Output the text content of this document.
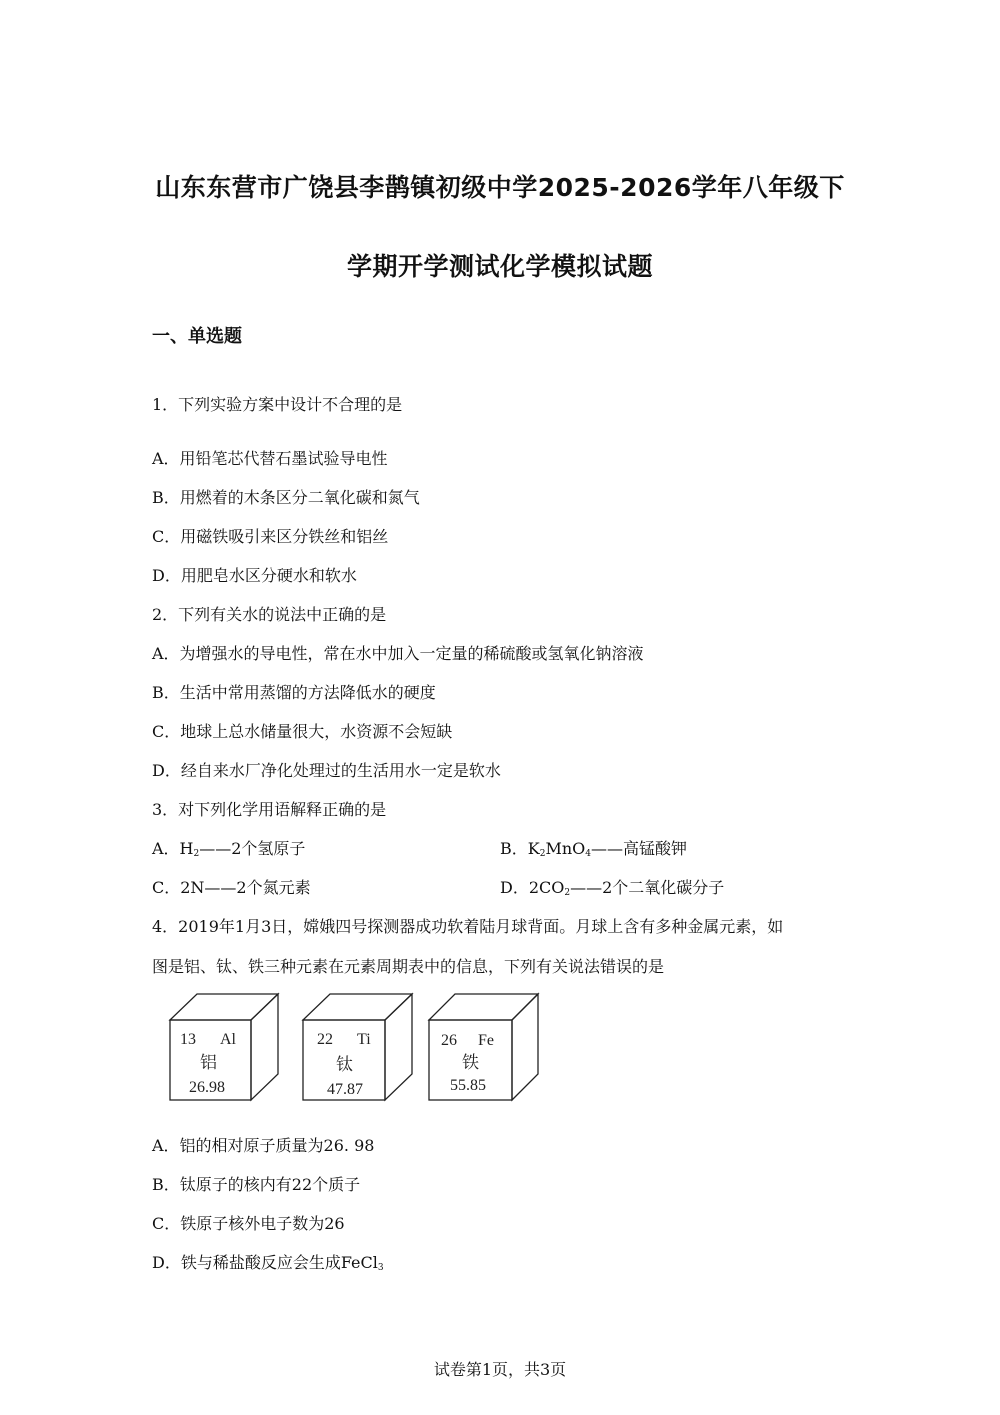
山东东营市广饶县李鹊镇初级中学2025-2026学年八年级下
学期开学测试化学模拟试题
一、单选题
1．下列实验方案中设计不合理的是
A．用铅笔芯代替石墨试验导电性
B．用燃着的木条区分二氧化碳和氮气
C．用磁铁吸引来区分铁丝和铝丝
D．用肥皂水区分硬水和软水
2．下列有关水的说法中正确的是
A．为增强水的导电性，常在水中加入一定量的稀硫酸或氢氧化钠溶液
B．生活中常用蒸馏的方法降低水的硬度
C．地球上总水储量很大，水资源不会短缺
D．经自来水厂净化处理过的生活用水一定是软水
3．对下列化学用语解释正确的是
A．$H_2——2$个氢原子	B．$K_2MnO_4——$高锰酸钾
C．2N——2个氮元素	D．$2CO_2——2$个二氧化碳分子
4．2019年1月3日，嫦娥四号探测器成功软着陆月球背面。月球上含有多种金属元素，如
图是铝、钛、铁三种元素在元素周期表中的信息，下列有关说法错误的是
13 Al
铝
26.98
22 Ti
钛
47.87
26 Fe
铁
55.85
A．铝的相对原子质量为26. 98
B．钛原子的核内有22个质子
C．铁原子核外电子数为26
D．铁与稀盐酸反应会生成FeCl$_3$
试卷第1页，共3页
